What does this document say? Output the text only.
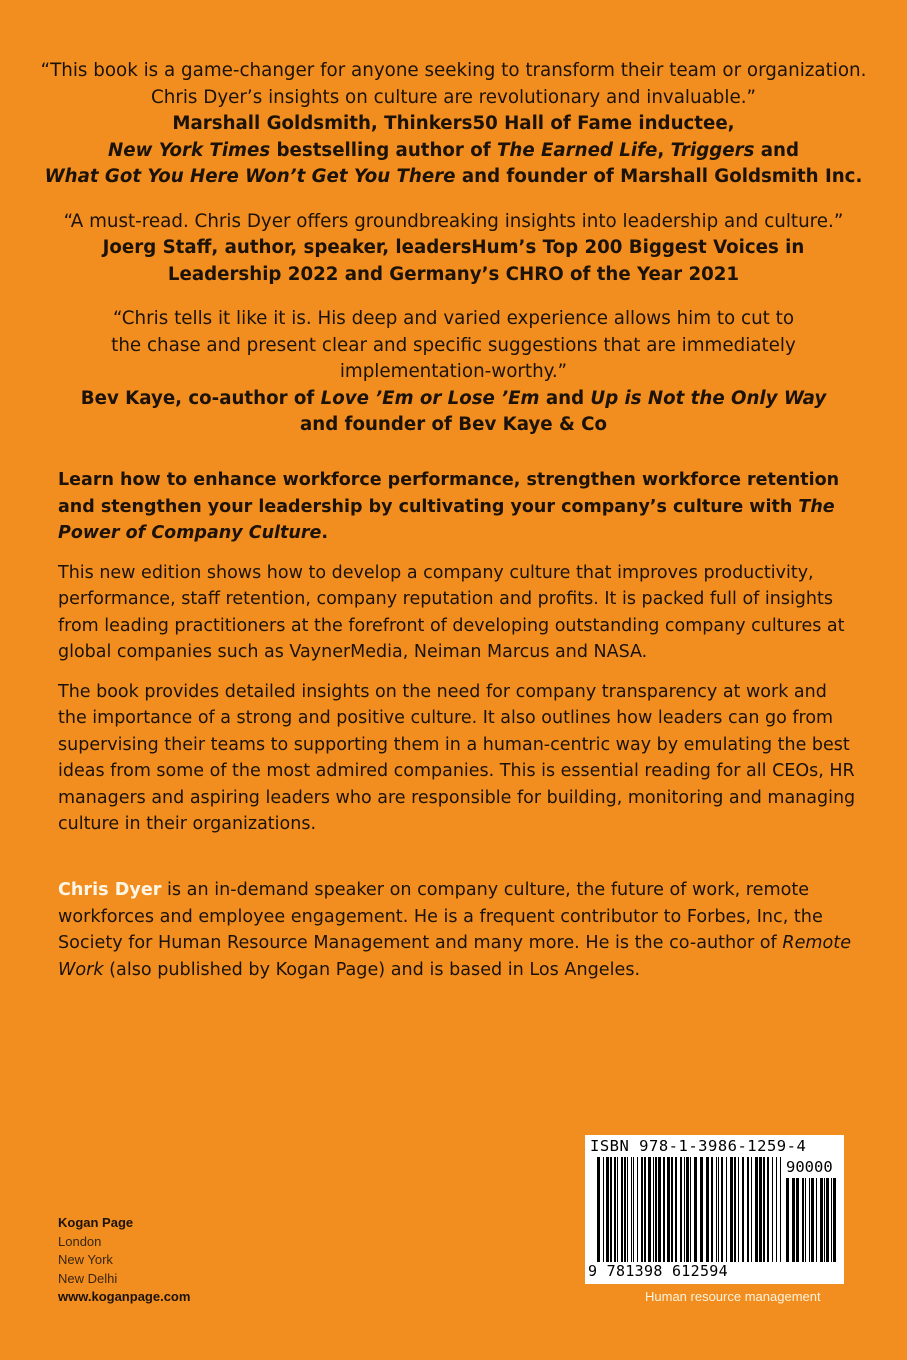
“This book is a game-changer for anyone seeking to transform their team or organization. Chris Dyer’s insights on culture are revolutionary and invaluable.”

Marshall Goldsmith, Thinkers50 Hall of Fame inductee,
New York Times bestselling author of The Earned Life, Triggers and
What Got You Here Won’t Get You There and founder of Marshall Goldsmith Inc.

“A must-read. Chris Dyer offers groundbreaking insights into leadership and culture.”

Joerg Staff, author, speaker, leadersHum’s Top 200 Biggest Voices in
Leadership 2022 and Germany’s CHRO of the Year 2021

“Chris tells it like it is. His deep and varied experience allows him to cut to the chase and present clear and specific suggestions that are immediately implementation-worthy.”

Bev Kaye, co-author of Love ’Em or Lose ’Em and Up is Not the Only Way
and founder of Bev Kaye & Co

Learn how to enhance workforce performance, strengthen workforce retention and stengthen your leadership by cultivating your company’s culture with The Power of Company Culture.

This new edition shows how to develop a company culture that improves productivity, performance, staff retention, company reputation and profits. It is packed full of insights from leading practitioners at the forefront of developing outstanding company cultures at global companies such as VaynerMedia, Neiman Marcus and NASA.

The book provides detailed insights on the need for company transparency at work and the importance of a strong and positive culture. It also outlines how leaders can go from supervising their teams to supporting them in a human-centric way by emulating the best ideas from some of the most admired companies. This is essential reading for all CEOs, HR managers and aspiring leaders who are responsible for building, monitoring and managing culture in their organizations.

Chris Dyer is an in-demand speaker on company culture, the future of work, remote workforces and employee engagement. He is a frequent contributor to Forbes, Inc, the Society for Human Resource Management and many more. He is the co-author of Remote Work (also published by Kogan Page) and is based in Los Angeles.

Kogan Page
London
New York
New Delhi
www.koganpage.com
ISBN 978-1-3986-1259-4
90000
9 781398 612594
Human resource management
